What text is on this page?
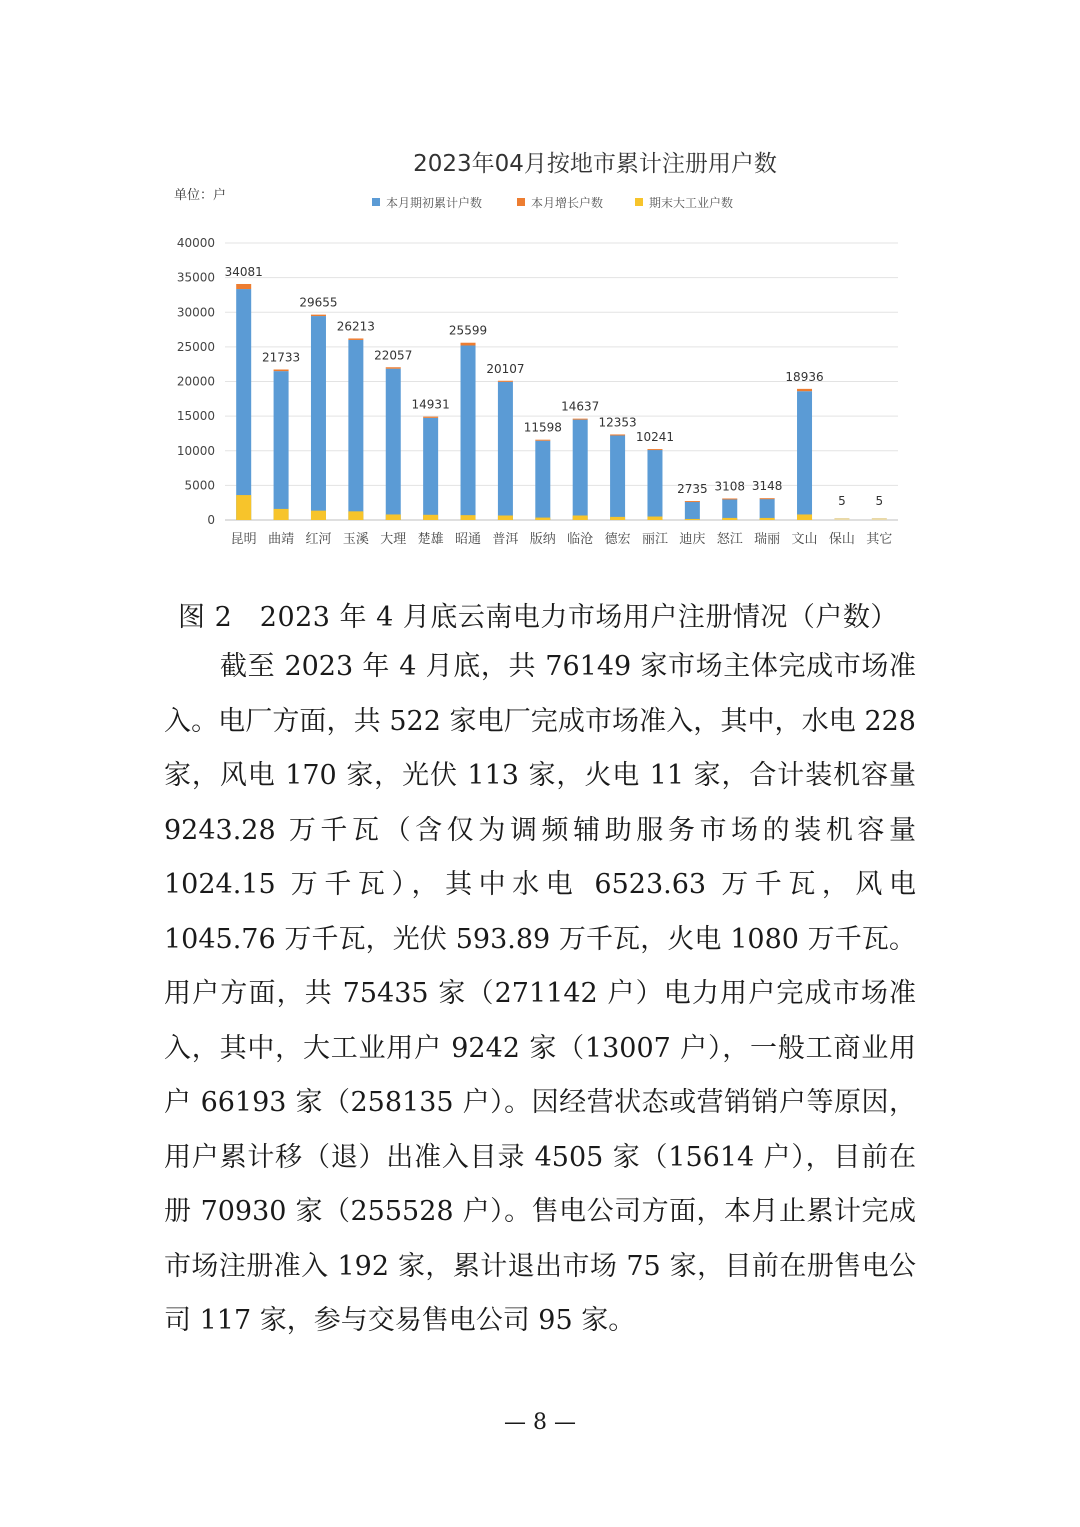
2023年04月按地市累计注册用户数
单位：户	本月期初累计户数	本月增长户数	期末大工业户数
0
5000
10000
15000
20000
25000
30000
35000
40000
34081
21733
29655
26213
22057
14931
25599
20107
11598
14637
12353
10241
2735 3108 3148
18936
5 5
昆明 曲靖 红河 玉溪 大理 楚雄 昭通 普洱 版纳 临沧 德宏 丽江 迪庆 怒江 瑞丽 文山 保山 其它
图 2　2023 年 4 月底云南电力市场用户注册情况（户数）

截至 2023 年 4 月底，共 76149 家市场主体完成市场准入。电厂方面，共 522 家电厂完成市场准入，其中，水电 228 家，风电 170 家，光伏 113 家，火电 11 家，合计装机容量 9243.28 万千瓦（含仅为调频辅助服务市场的装机容量 1024.15 万千瓦），其中水电 6523.63 万千瓦，风电 1045.76 万千瓦，光伏 593.89 万千瓦，火电 1080 万千瓦。用户方面，共 75435 家（271142 户）电力用户完成市场准入，其中，大工业用户 9242 家（13007 户），一般工商业用户 66193 家（258135 户）。因经营状态或营销销户等原因，用户累计移（退）出准入目录 4505 家（15614 户），目前在册 70930 家（255528 户）。售电公司方面，本月止累计完成市场注册准入 192 家，累计退出市场 75 家，目前在册售电公司 117 家，参与交易售电公司 95 家。

— 8 —
